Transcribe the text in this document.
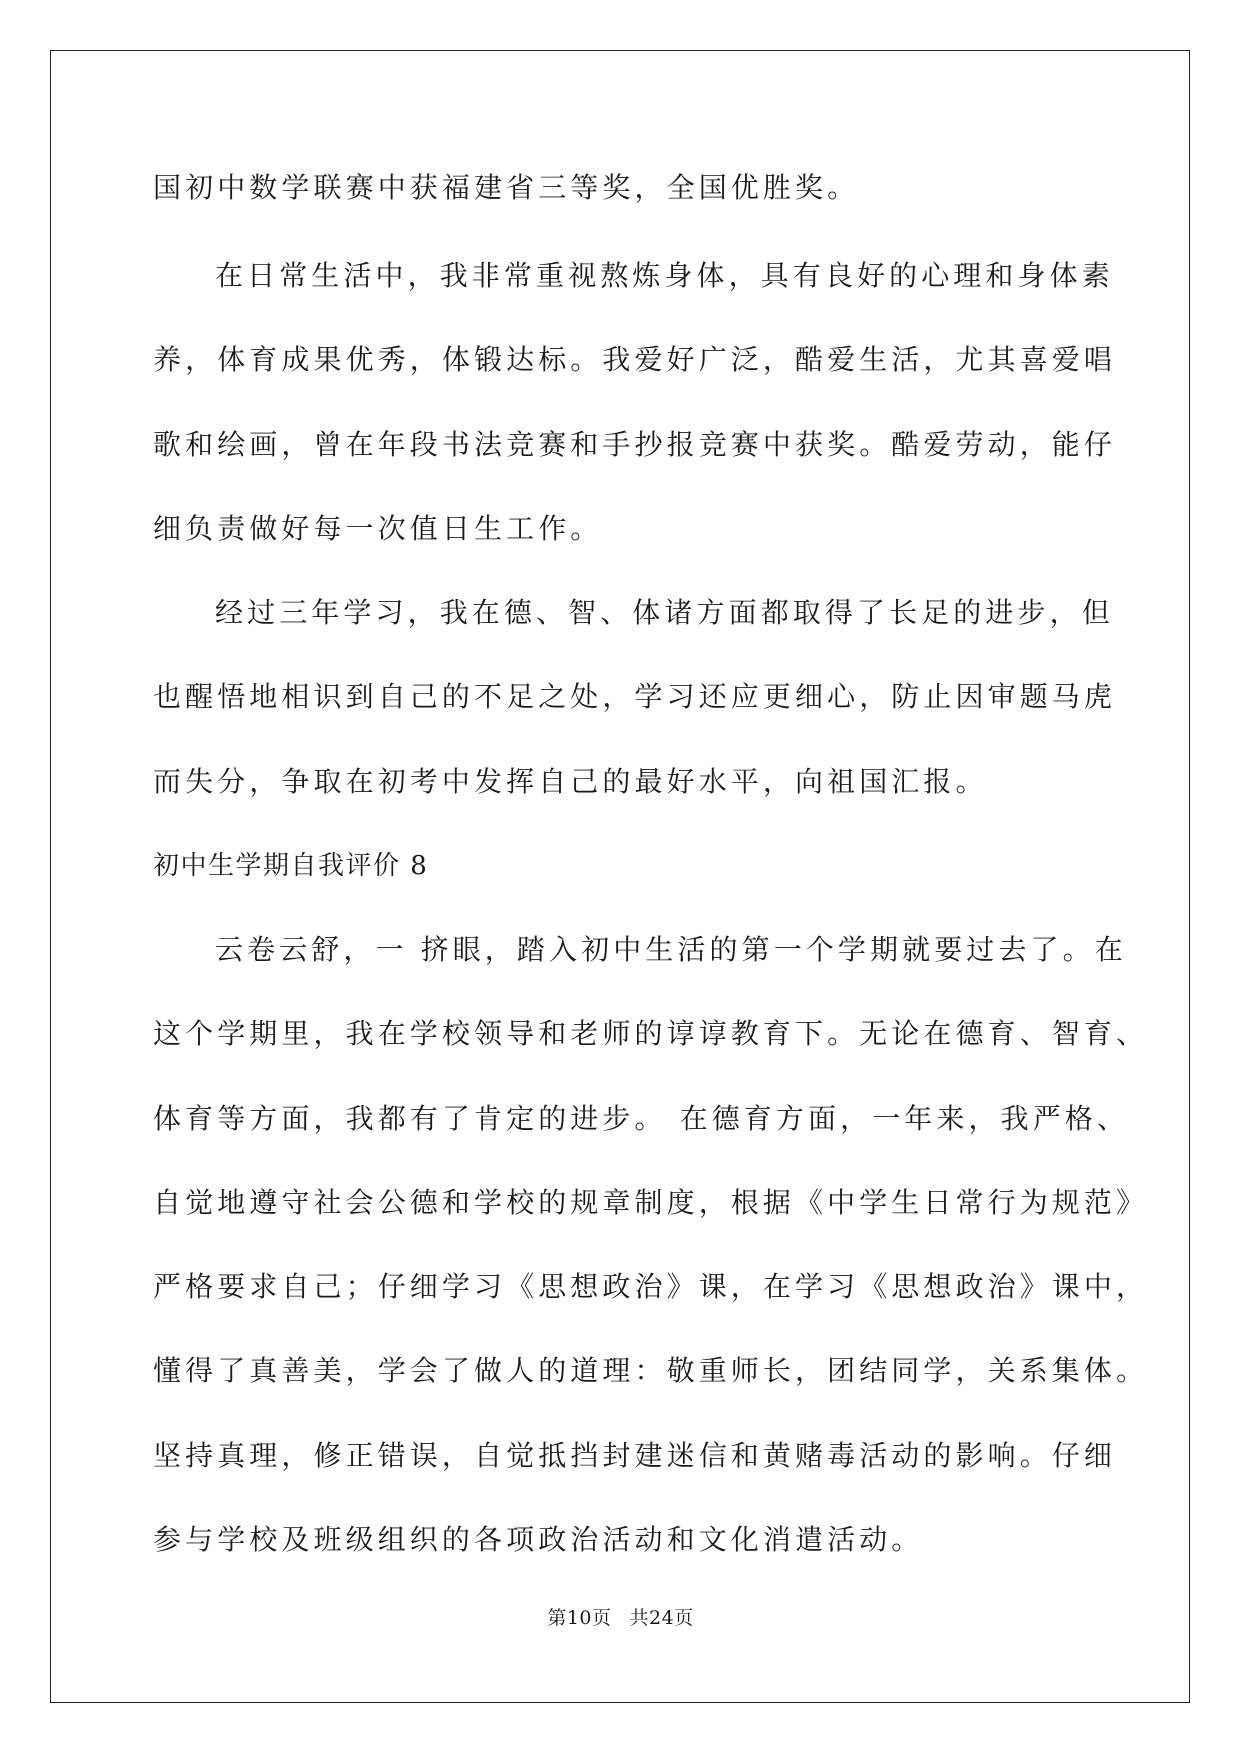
国初中数学联赛中获福建省三等奖，全国优胜奖。
在日常生活中，我非常重视熬炼身体，具有良好的心理和身体素
养，体育成果优秀，体锻达标。我爱好广泛，酷爱生活，尤其喜爱唱
歌和绘画，曾在年段书法竞赛和手抄报竞赛中获奖。酷爱劳动，能仔
细负责做好每一次值日生工作。
经过三年学习，我在德、智、体诸方面都取得了长足的进步，但
也醒悟地相识到自己的不足之处，学习还应更细心，防止因审题马虎
而失分，争取在初考中发挥自己的最好水平，向祖国汇报。
初中生学期自我评价 8
云卷云舒，一 挤眼，踏入初中生活的第一个学期就要过去了。在
这个学期里，我在学校领导和老师的谆谆教育下。无论在德育、智育、
体育等方面，我都有了肯定的进步。 在德育方面，一年来，我严格、
自觉地遵守社会公德和学校的规章制度，根据《中学生日常行为规范》
严格要求自己；仔细学习《思想政治》课，在学习《思想政治》课中，
懂得了真善美，学会了做人的道理：敬重师长，团结同学，关系集体。
坚持真理，修正错误，自觉抵挡封建迷信和黄赌毒活动的影响。仔细
参与学校及班级组织的各项政治活动和文化消遣活动。
第10页 共24页
